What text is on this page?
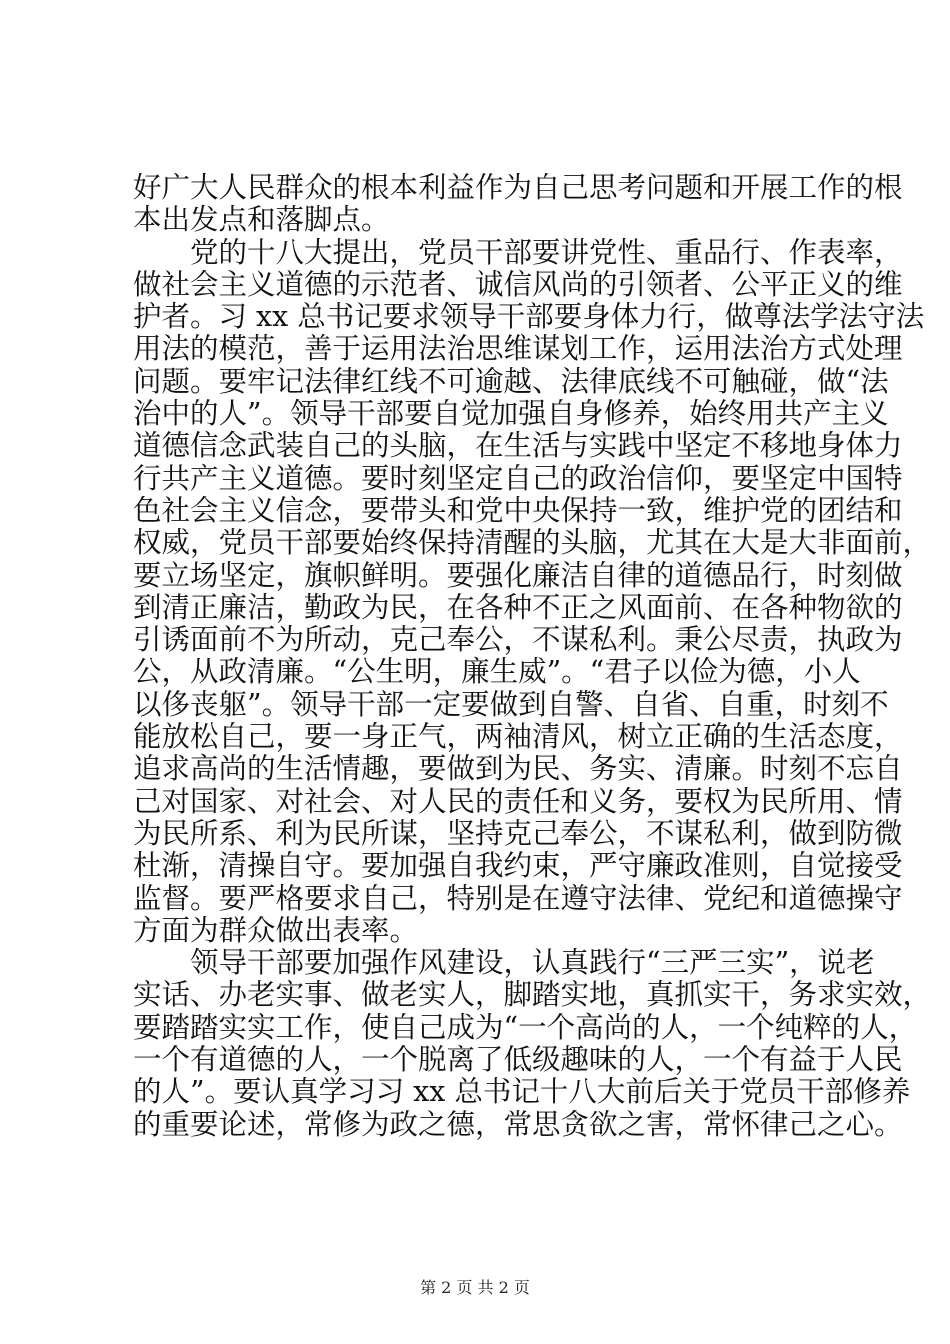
好广大人民群众的根本利益作为自己思考问题和开展工作的根
本出发点和落脚点。
　　党的十八大提出，党员干部要讲党性、重品行、作表率，
做社会主义道德的示范者、诚信风尚的引领者、公平正义的维
护者。习 xx 总书记要求领导干部要身体力行，做尊法学法守法
用法的模范，善于运用法治思维谋划工作，运用法治方式处理
问题。要牢记法律红线不可逾越、法律底线不可触碰，做“法
治中的人”。领导干部要自觉加强自身修养，始终用共产主义
道德信念武装自己的头脑，在生活与实践中坚定不移地身体力
行共产主义道德。要时刻坚定自己的政治信仰，要坚定中国特
色社会主义信念，要带头和党中央保持一致，维护党的团结和
权威，党员干部要始终保持清醒的头脑，尤其在大是大非面前，
要立场坚定，旗帜鲜明。要强化廉洁自律的道德品行，时刻做
到清正廉洁，勤政为民，在各种不正之风面前、在各种物欲的
引诱面前不为所动，克己奉公，不谋私利。秉公尽责，执政为
公，从政清廉。“公生明，廉生威”。“君子以俭为德，小人
以侈丧躯”。领导干部一定要做到自警、自省、自重，时刻不
能放松自己，要一身正气，两袖清风，树立正确的生活态度，
追求高尚的生活情趣，要做到为民、务实、清廉。时刻不忘自
己对国家、对社会、对人民的责任和义务，要权为民所用、情
为民所系、利为民所谋，坚持克己奉公，不谋私利，做到防微
杜渐，清操自守。要加强自我约束，严守廉政准则，自觉接受
监督。要严格要求自己，特别是在遵守法律、党纪和道德操守
方面为群众做出表率。
　　领导干部要加强作风建设，认真践行“三严三实”，说老
实话、办老实事、做老实人，脚踏实地，真抓实干，务求实效，
要踏踏实实工作，使自己成为“一个高尚的人，一个纯粹的人，
一个有道德的人，一个脱离了低级趣味的人，一个有益于人民
的人”。要认真学习习 xx 总书记十八大前后关于党员干部修养
的重要论述，常修为政之德，常思贪欲之害，常怀律己之心。
第 2 页 共 2 页
